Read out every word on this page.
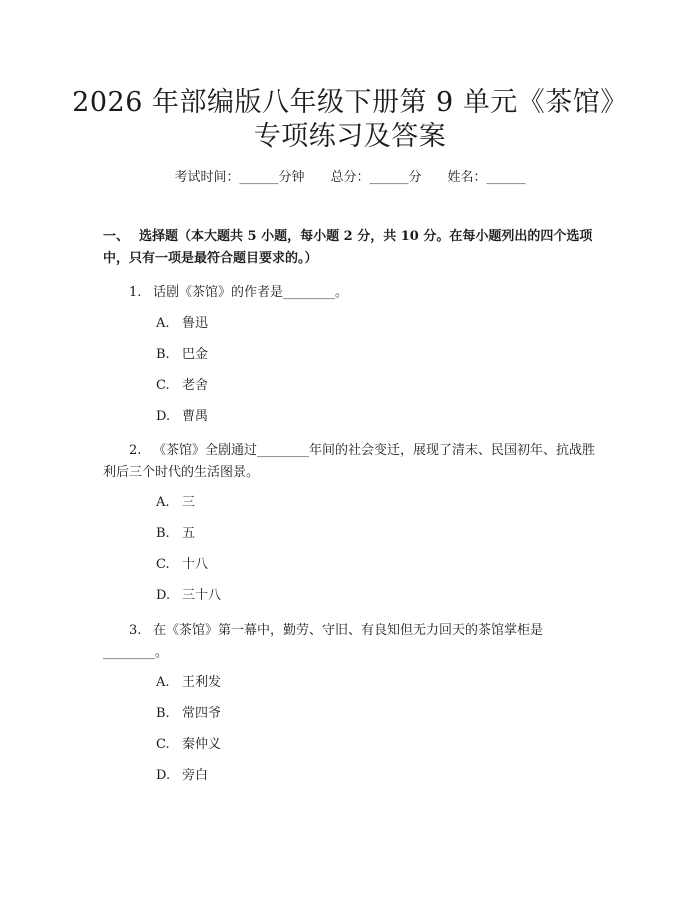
2026 年部编版八年级下册第 9 单元《茶馆》
专项练习及答案
考试时间：______分钟 总分：______分 姓名：______
一、 选择题（本大题共 5 小题，每小题 2 分，共 10 分。在每小题列出的四个选项中，只有一项是最符合题目要求的。）
1. 话剧《茶馆》的作者是________。
A. 鲁迅
B. 巴金
C. 老舍
D. 曹禺
2. 《茶馆》全剧通过________年间的社会变迁，展现了清末、民国初年、抗战胜利后三个时代的生活图景。
A. 三
B. 五
C. 十八
D. 三十八
3. 在《茶馆》第一幕中，勤劳、守旧、有良知但无力回天的茶馆掌柜是________。
A. 王利发
B. 常四爷
C. 秦仲义
D. 旁白
